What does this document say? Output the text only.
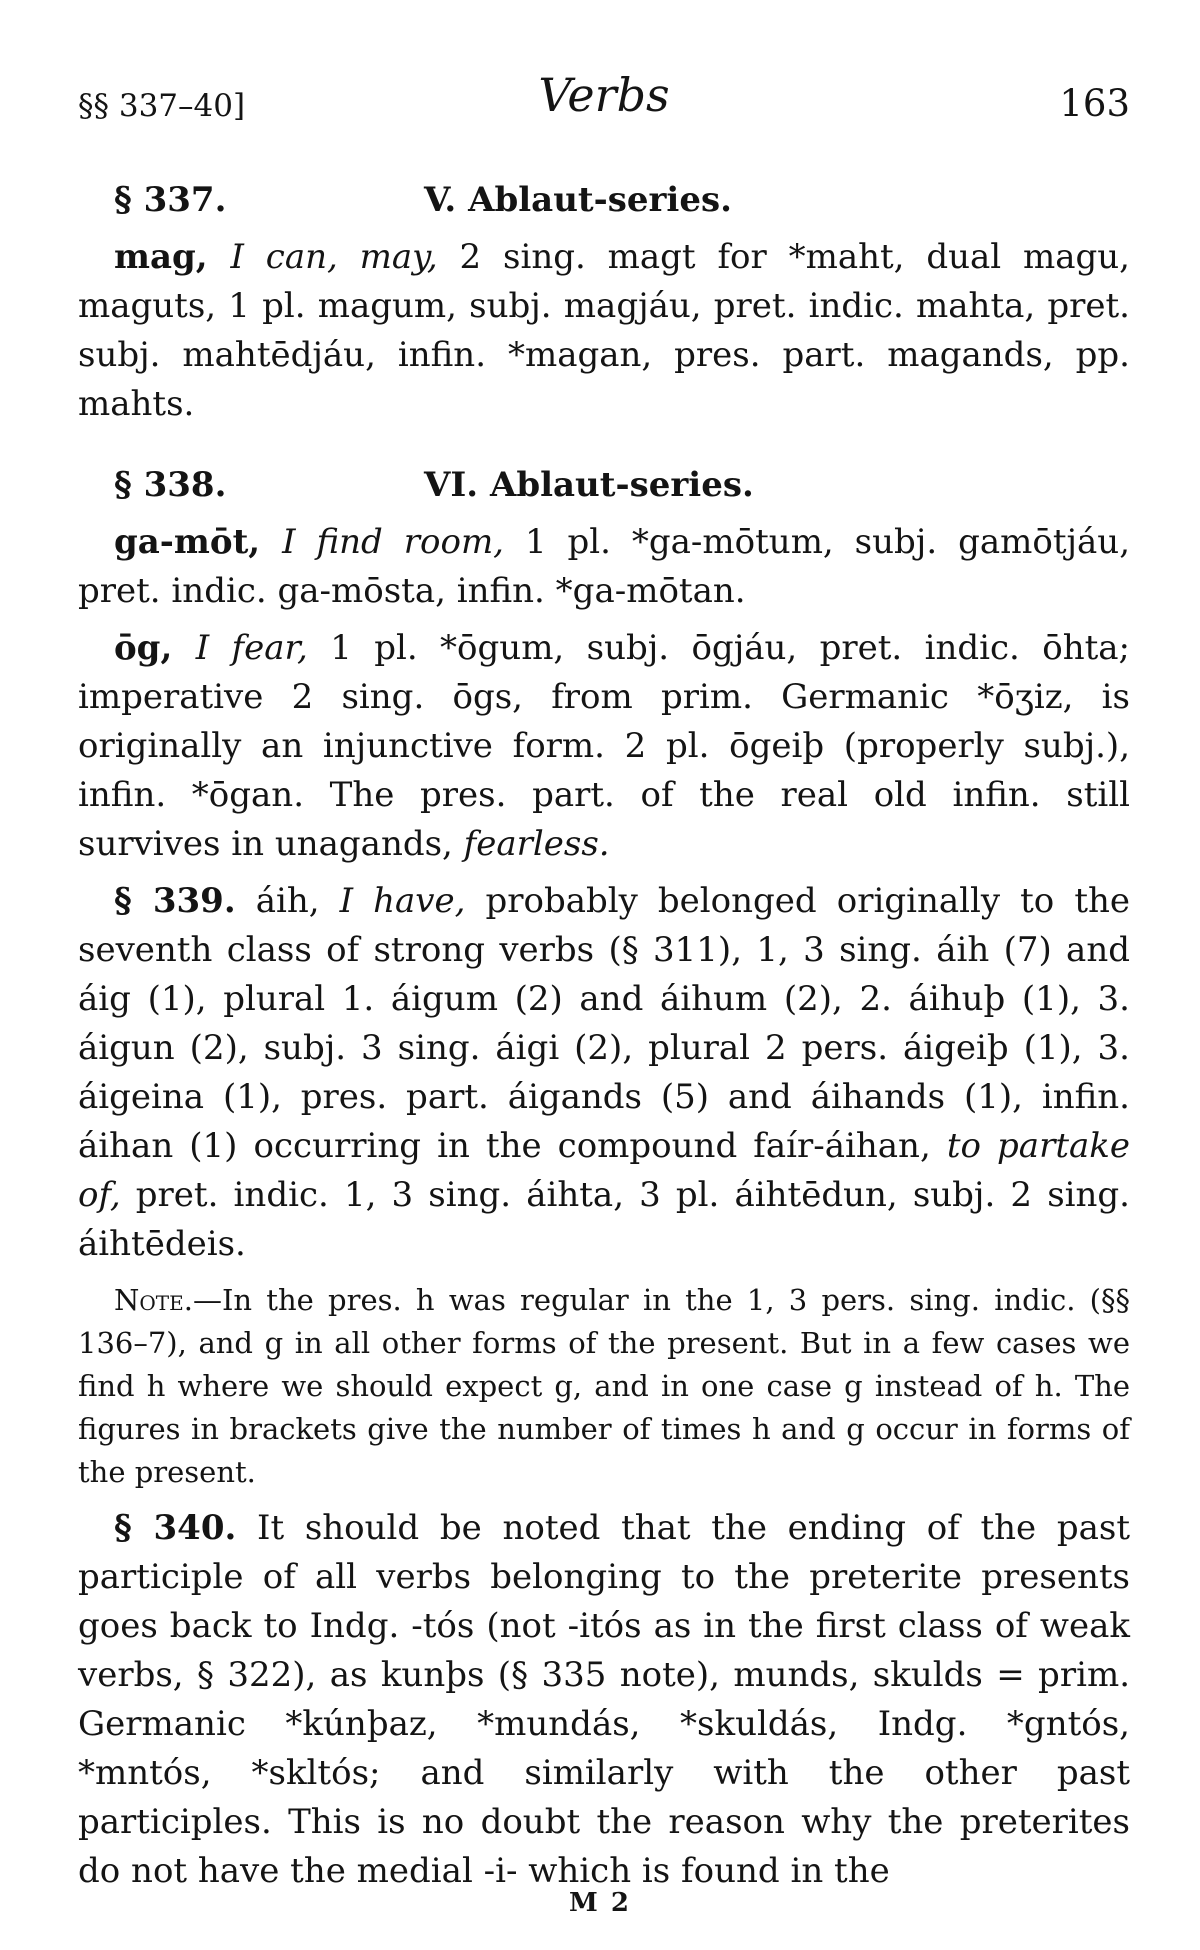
§§ 337–40]	Verbs	163
§ 337.	V. Ablaut-series.

mag, I can, may, 2 sing. magt for *maht, dual magu, maguts, 1 pl. magum, subj. magjáu, pret. indic. mahta, pret. subj. mahtēdjáu, infin. *magan, pres. part. magands, pp. mahts.

§ 338.	VI. Ablaut-series.

ga-mōt, I find room, 1 pl. *ga-mōtum, subj. gamōtjáu, pret. indic. ga-mōsta, infin. *ga-mōtan.

ōg, I fear, 1 pl. *ōgum, subj. ōgjáu, pret. indic. ōhta; imperative 2 sing. ōgs, from prim. Germanic *ōʒiz, is originally an injunctive form. 2 pl. ōgeiþ (properly subj.), infin. *ōgan. The pres. part. of the real old infin. still survives in unagands, fearless.

§ 339. áih, I have, probably belonged originally to the seventh class of strong verbs (§ 311), 1, 3 sing. áih (7) and áig (1), plural 1. áigum (2) and áihum (2), 2. áihuþ (1), 3. áigun (2), subj. 3 sing. áigi (2), plural 2 pers. áigeiþ (1), 3. áigeina (1), pres. part. áigands (5) and áihands (1), infin. áihan (1) occurring in the compound faír-áihan, to partake of, pret. indic. 1, 3 sing. áihta, 3 pl. áihtēdun, subj. 2 sing. áihtēdeis.

Note.—In the pres. h was regular in the 1, 3 pers. sing. indic. (§§ 136–7), and g in all other forms of the present. But in a few cases we find h where we should expect g, and in one case g instead of h. The figures in brackets give the number of times h and g occur in forms of the present.

§ 340. It should be noted that the ending of the past participle of all verbs belonging to the preterite presents goes back to Indg. -tós (not -itós as in the first class of weak verbs, § 322), as kunþs (§ 335 note), munds, skulds = prim. Germanic *kúnþaz, *mundás, *skuldás, Indg. *gntós, *mntós, *skltós; and similarly with the other past participles. This is no doubt the reason why the preterites do not have the medial -i- which is found in the

M 2
